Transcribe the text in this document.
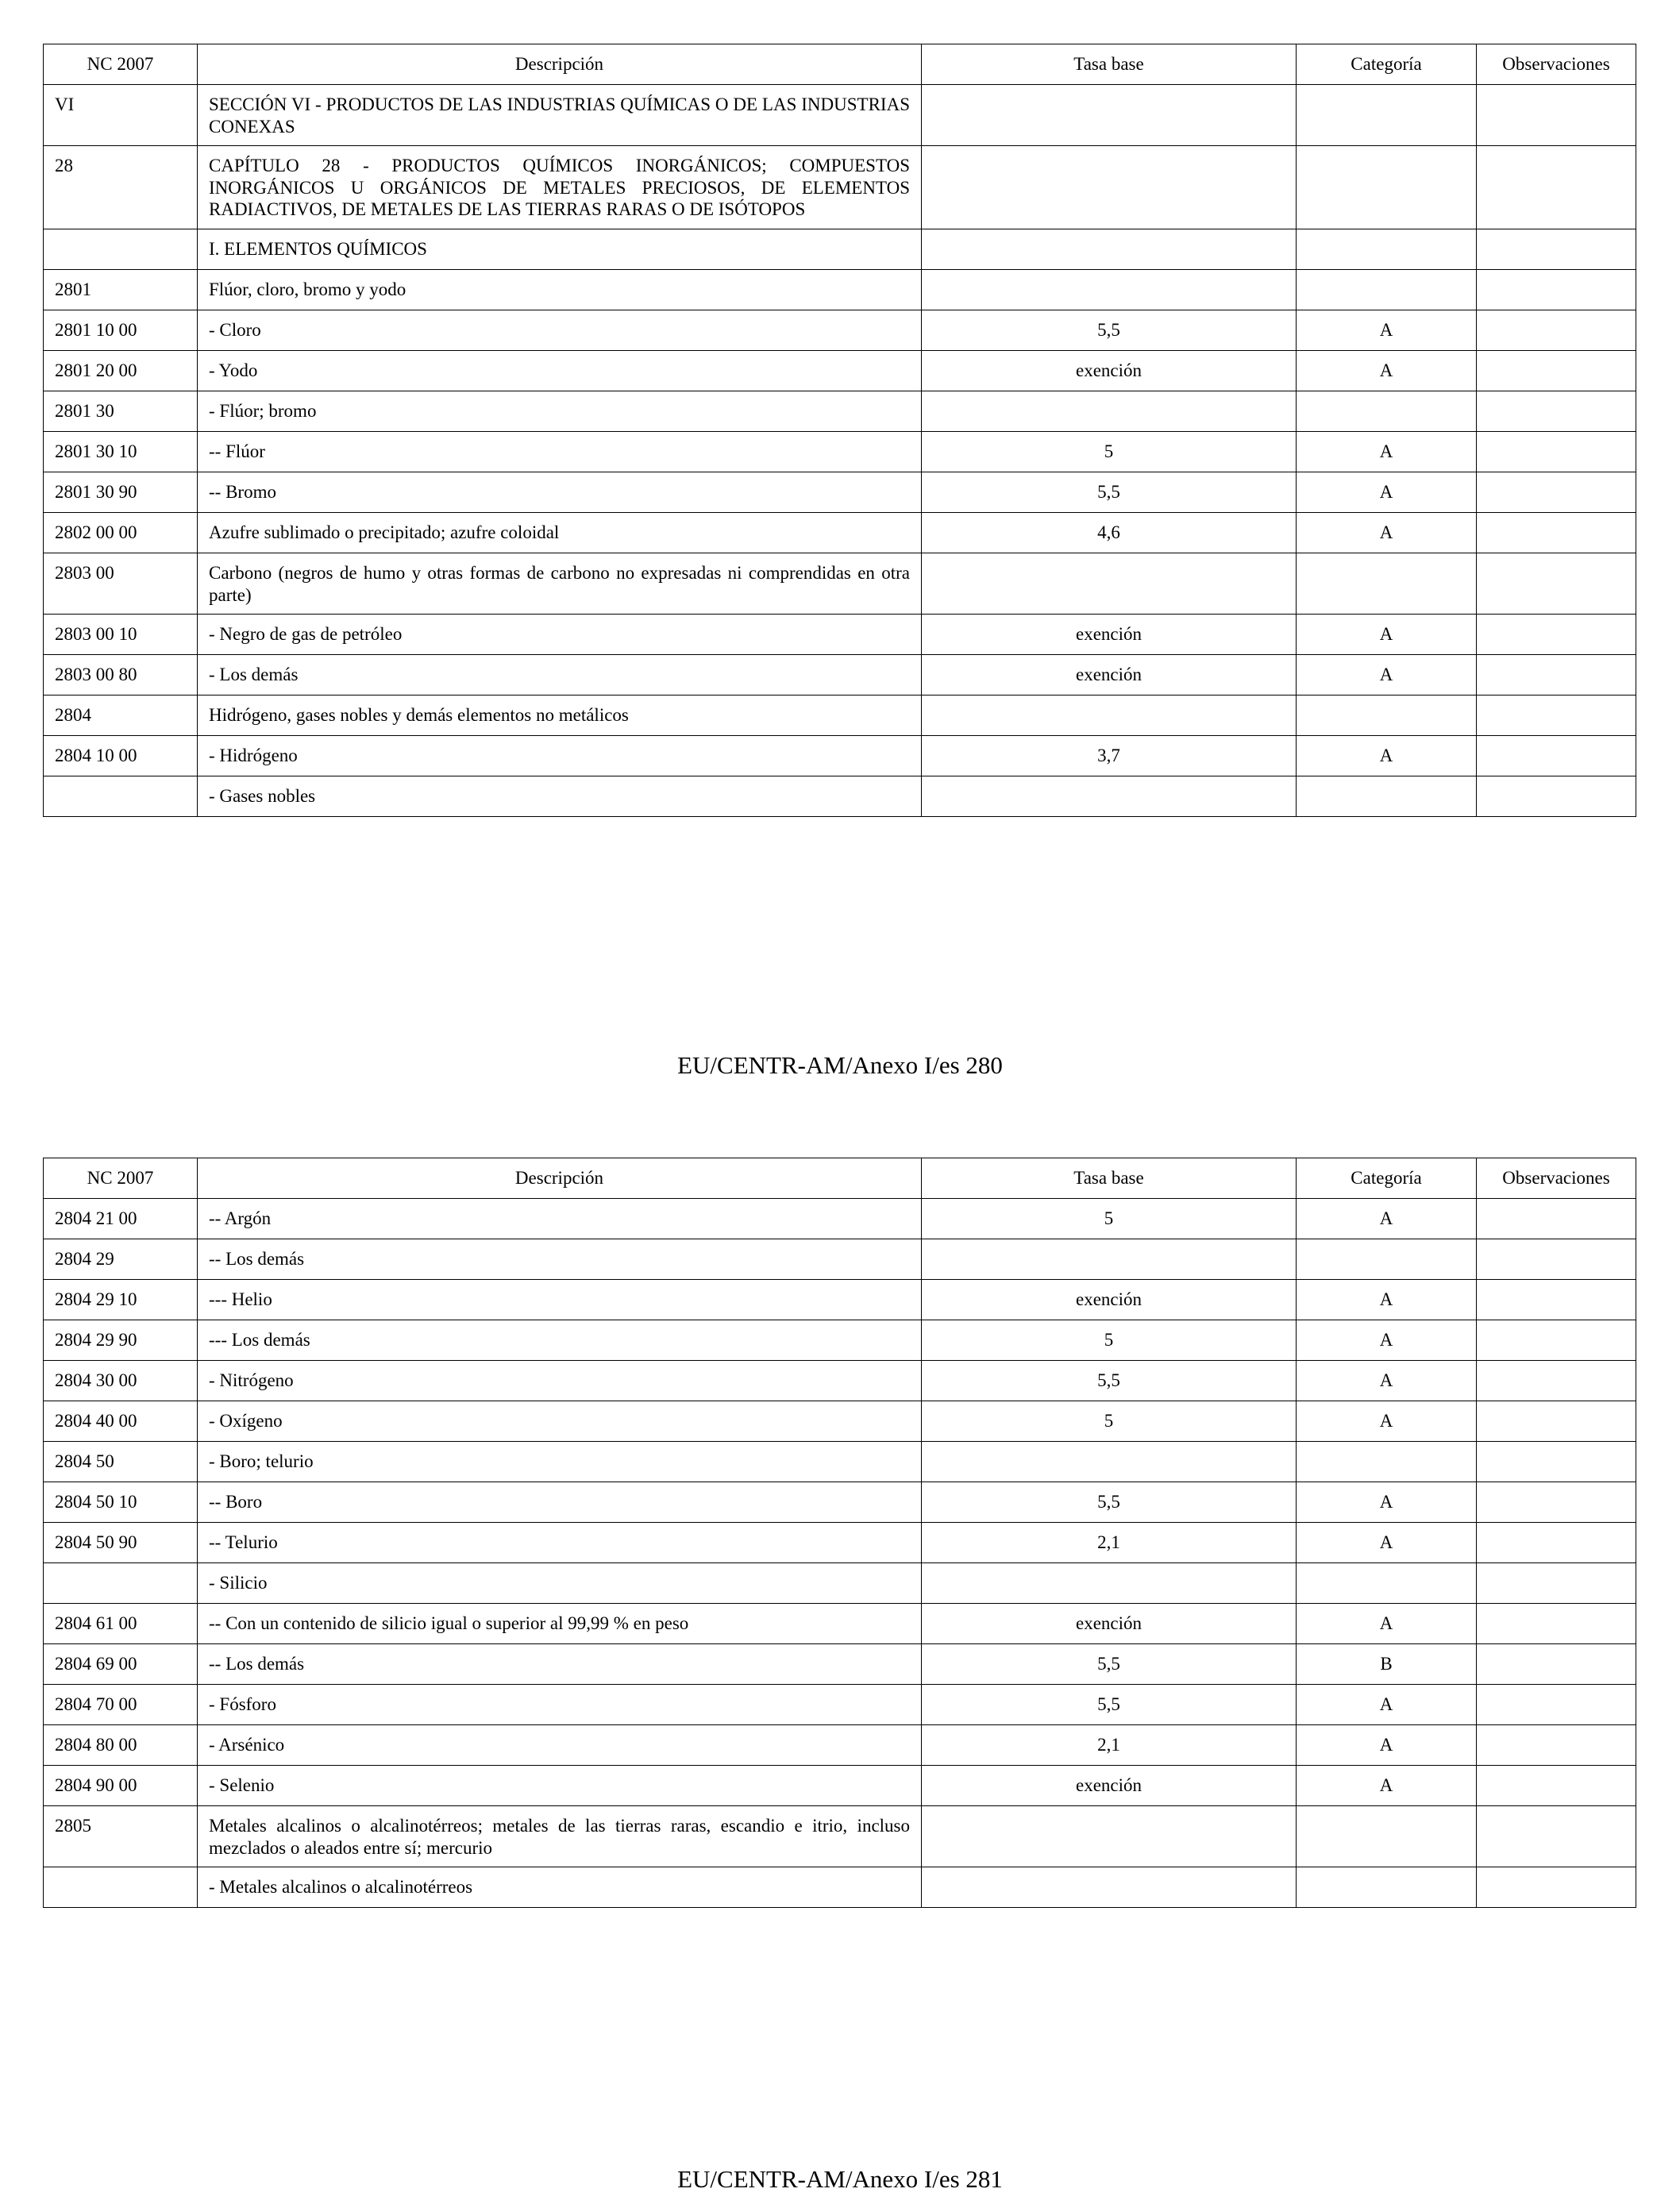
NC 2007	Descripción	Tasa base	Categoría	Observaciones
VI	SECCIÓN VI - PRODUCTOS DE LAS INDUSTRIAS QUÍMICAS O DE LAS INDUSTRIAS CONEXAS			
28	CAPÍTULO 28 - PRODUCTOS QUÍMICOS INORGÁNICOS; COMPUESTOS INORGÁNICOS U ORGÁNICOS DE METALES PRECIOSOS, DE ELEMENTOS RADIACTIVOS, DE METALES DE LAS TIERRAS RARAS O DE ISÓTOPOS			
	I. ELEMENTOS QUÍMICOS			
2801	Flúor, cloro, bromo y yodo			
2801 10 00	- Cloro	5,5	A	
2801 20 00	- Yodo	exención	A	
2801 30	- Flúor; bromo			
2801 30 10	-- Flúor	5	A	
2801 30 90	-- Bromo	5,5	A	
2802 00 00	Azufre sublimado o precipitado; azufre coloidal	4,6	A	
2803 00	Carbono (negros de humo y otras formas de carbono no expresadas ni comprendidas en otra parte)			
2803 00 10	- Negro de gas de petróleo	exención	A	
2803 00 80	- Los demás	exención	A	
2804	Hidrógeno, gases nobles y demás elementos no metálicos			
2804 10 00	- Hidrógeno	3,7	A	
	- Gases nobles			
EU/CENTR-AM/Anexo I/es 280
NC 2007	Descripción	Tasa base	Categoría	Observaciones
2804 21 00	-- Argón	5	A	
2804 29	-- Los demás			
2804 29 10	--- Helio	exención	A	
2804 29 90	--- Los demás	5	A	
2804 30 00	- Nitrógeno	5,5	A	
2804 40 00	- Oxígeno	5	A	
2804 50	- Boro; telurio			
2804 50 10	-- Boro	5,5	A	
2804 50 90	-- Telurio	2,1	A	
	- Silicio			
2804 61 00	-- Con un contenido de silicio igual o superior al 99,99 % en peso	exención	A	
2804 69 00	-- Los demás	5,5	B	
2804 70 00	- Fósforo	5,5	A	
2804 80 00	- Arsénico	2,1	A	
2804 90 00	- Selenio	exención	A	
2805	Metales alcalinos o alcalinotérreos; metales de las tierras raras, escandio e itrio, incluso mezclados o aleados entre sí; mercurio			
	- Metales alcalinos o alcalinotérreos			
EU/CENTR-AM/Anexo I/es 281
